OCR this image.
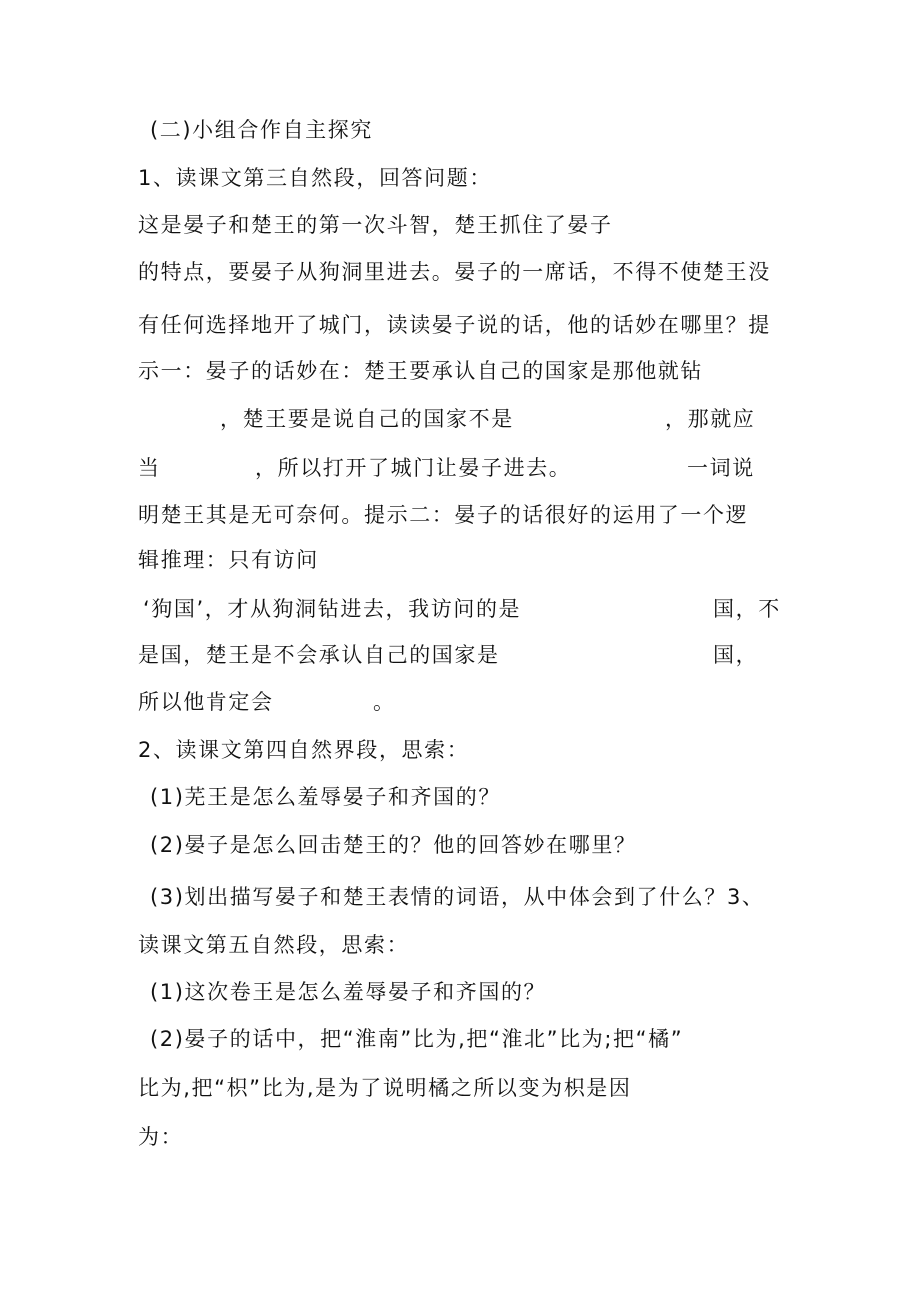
(二)小组合作自主探究
1、读课文第三自然段，回答问题：
这是晏子和楚王的第一次斗智，楚王抓住了晏子
的特点，要晏子从狗洞里进去。晏子的一席话，不得不使楚王没
有任何选择地开了城门，读读晏子说的话，他的话妙在哪里？提
示一：晏子的话妙在：楚王要承认自己的国家是那他就钻
，楚王要是说自己的国家不是	，那就应
当	，所以打开了城门让晏子进去。	一词说
明楚王其是无可奈何。提示二：晏子的话很好的运用了一个逻
辑推理：只有访问
‘狗国’，才从狗洞钻进去，我访问的是	国，不
是国，楚王是不会承认自己的国家是	国，
所以他肯定会	。
2、读课文第四自然界段，思索：
(1)芜王是怎么羞辱晏子和齐国的？
(2)晏子是怎么回击楚王的？他的回答妙在哪里？
(3)划出描写晏子和楚王表情的词语，从中体会到了什么？3、
读课文第五自然段，思索：
(1)这次卷王是怎么羞辱晏子和齐国的？
(2)晏子的话中，把“淮南”比为,把“淮北”比为;把“橘”
比为,把“枳”比为,是为了说明橘之所以变为枳是因
为：
